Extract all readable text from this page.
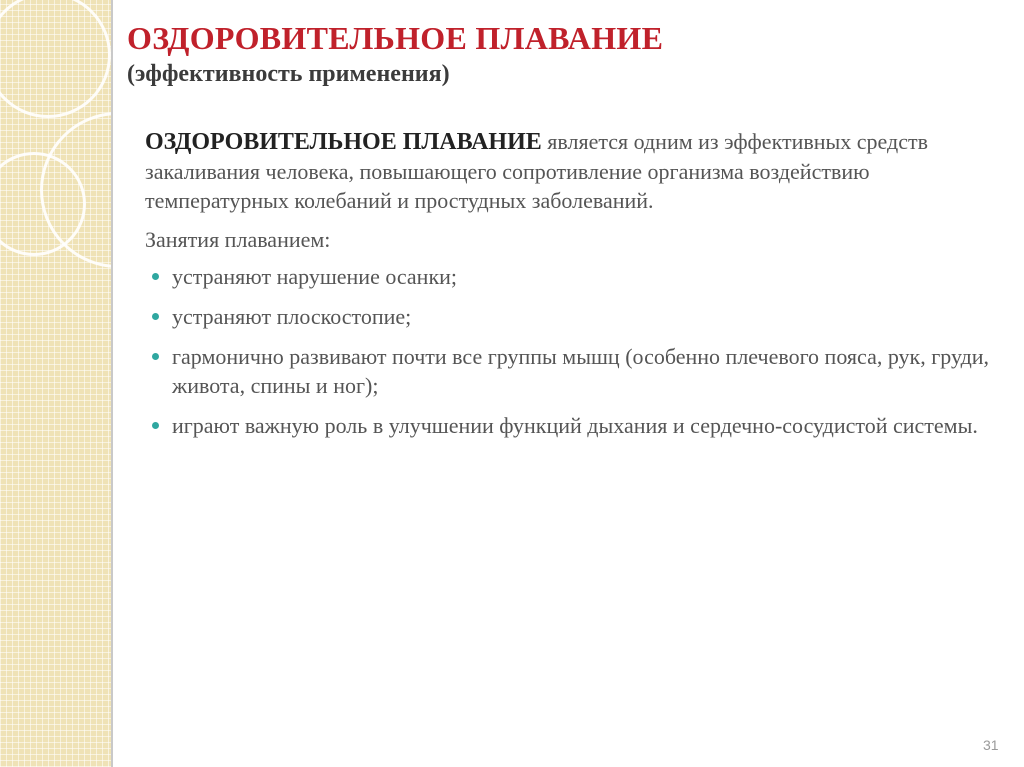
ОЗДОРОВИТЕЛЬНОЕ ПЛАВАНИЕ
(эффективность применения)

ОЗДОРОВИТЕЛЬНОЕ ПЛАВАНИЕ является одним из эффективных средств закаливания человека, повышающего сопротивление организма воздействию температурных колебаний и простудных заболеваний.

Занятия плаванием:

устраняют нарушение осанки;
устраняют плоскостопие;
гармонично развивают почти все группы мышц (особенно плечевого пояса, рук, груди, живота, спины и ног);
играют важную роль в улучшении функций дыхания и сердечно-сосудистой системы.
31
